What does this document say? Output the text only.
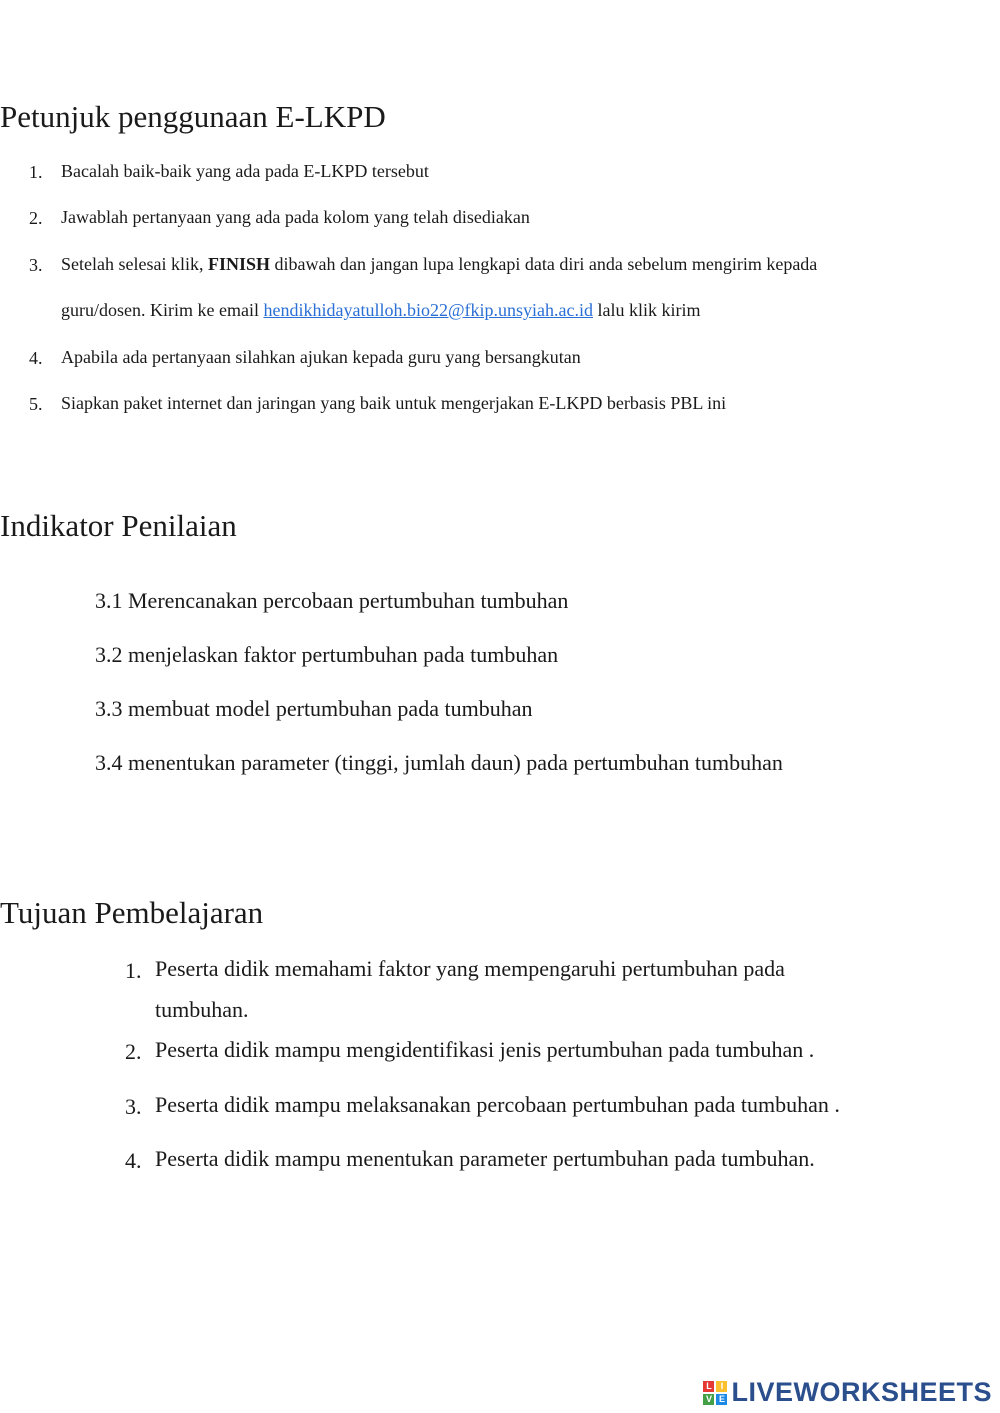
Petunjuk penggunaan E-LKPD
1. Bacalah baik-baik yang ada pada E-LKPD tersebut
2. Jawablah pertanyaan yang ada pada kolom yang telah disediakan
3. Setelah selesai klik, FINISH dibawah dan jangan lupa lengkapi data diri anda sebelum mengirim kepada
guru/dosen. Kirim ke email hendikhidayatulloh.bio22@fkip.unsyiah.ac.id lalu klik kirim
4. Apabila ada pertanyaan silahkan ajukan kepada guru yang bersangkutan
5. Siapkan paket internet dan jaringan yang baik untuk mengerjakan E-LKPD berbasis PBL ini
Indikator Penilaian
3.1 Merencanakan percobaan pertumbuhan tumbuhan
3.2 menjelaskan faktor pertumbuhan pada tumbuhan
3.3 membuat model pertumbuhan pada tumbuhan
3.4 menentukan parameter (tinggi, jumlah daun) pada pertumbuhan tumbuhan
Tujuan Pembelajaran
1. Peserta didik memahami faktor yang mempengaruhi pertumbuhan pada
tumbuhan.
2. Peserta didik mampu mengidentifikasi jenis pertumbuhan pada tumbuhan .
3. Peserta didik mampu melaksanakan percobaan pertumbuhan pada tumbuhan .
4. Peserta didik mampu menentukan parameter pertumbuhan pada tumbuhan.
L I
V E LIVEWORKSHEETS
